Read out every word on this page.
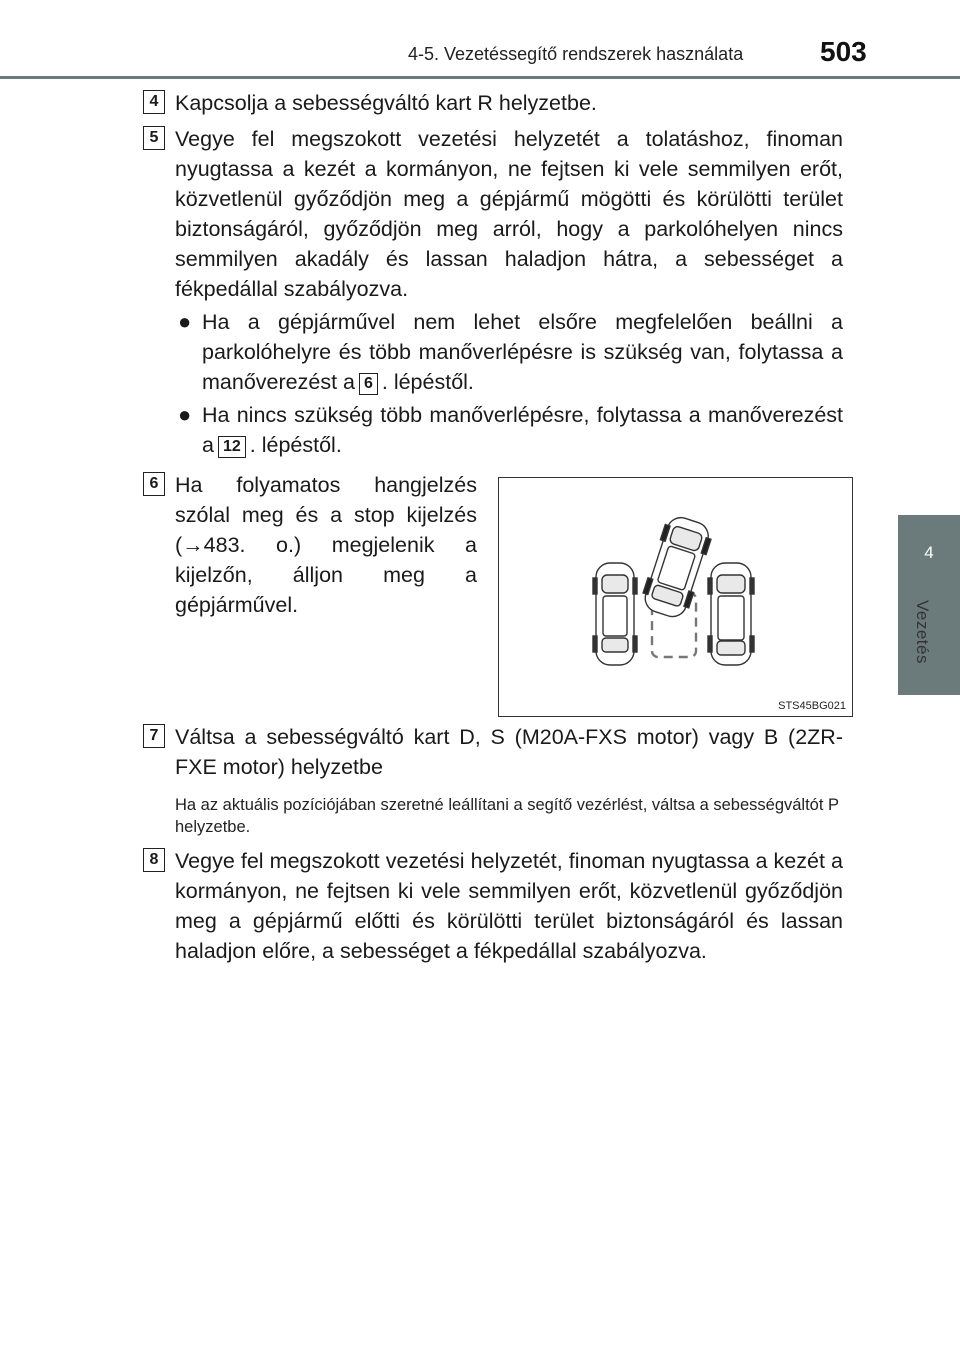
4-5. Vezetéssegítő rendszerek használata	503
4
Vezetés
4 Kapcsolja a sebességváltó kart R helyzetbe.
5 Vegye fel megszokott vezetési helyzetét a tolatáshoz, finoman nyugtassa a kezét a kormányon, ne fejtsen ki vele semmilyen erőt, közvetlenül győződjön meg a gépjármű mögötti és körülötti terület biztonságáról, győződjön meg arról, hogy a parkolóhelyen nincs semmilyen akadály és lassan haladjon hátra, a sebességet a fékpedállal szabályozva.
● Ha a gépjárművel nem lehet elsőre megfelelően beállni a parkolóhelyre és több manőverlépésre is szükség van, folytassa a manőverezést a 6 . lépéstől.
● Ha nincs szükség több manőverlépésre, folytassa a manőverezést a 12 . lépéstől.
6 Ha folyamatos hangjelzés szólal meg és a stop kijelzés (→483. o.) megjelenik a kijelzőn, álljon meg a gépjárművel.
STS45BG021
7 Váltsa a sebességváltó kart D, S (M20A-FXS motor) vagy B (2ZR-FXE motor) helyzetbe
Ha az aktuális pozíciójában szeretné leállítani a segítő vezérlést, váltsa a sebességváltót P helyzetbe.
8 Vegye fel megszokott vezetési helyzetét, finoman nyugtassa a kezét a kormányon, ne fejtsen ki vele semmilyen erőt, közvetlenül győződjön meg a gépjármű előtti és körülötti terület biztonságáról és lassan haladjon előre, a sebességet a fékpedállal szabályozva.
